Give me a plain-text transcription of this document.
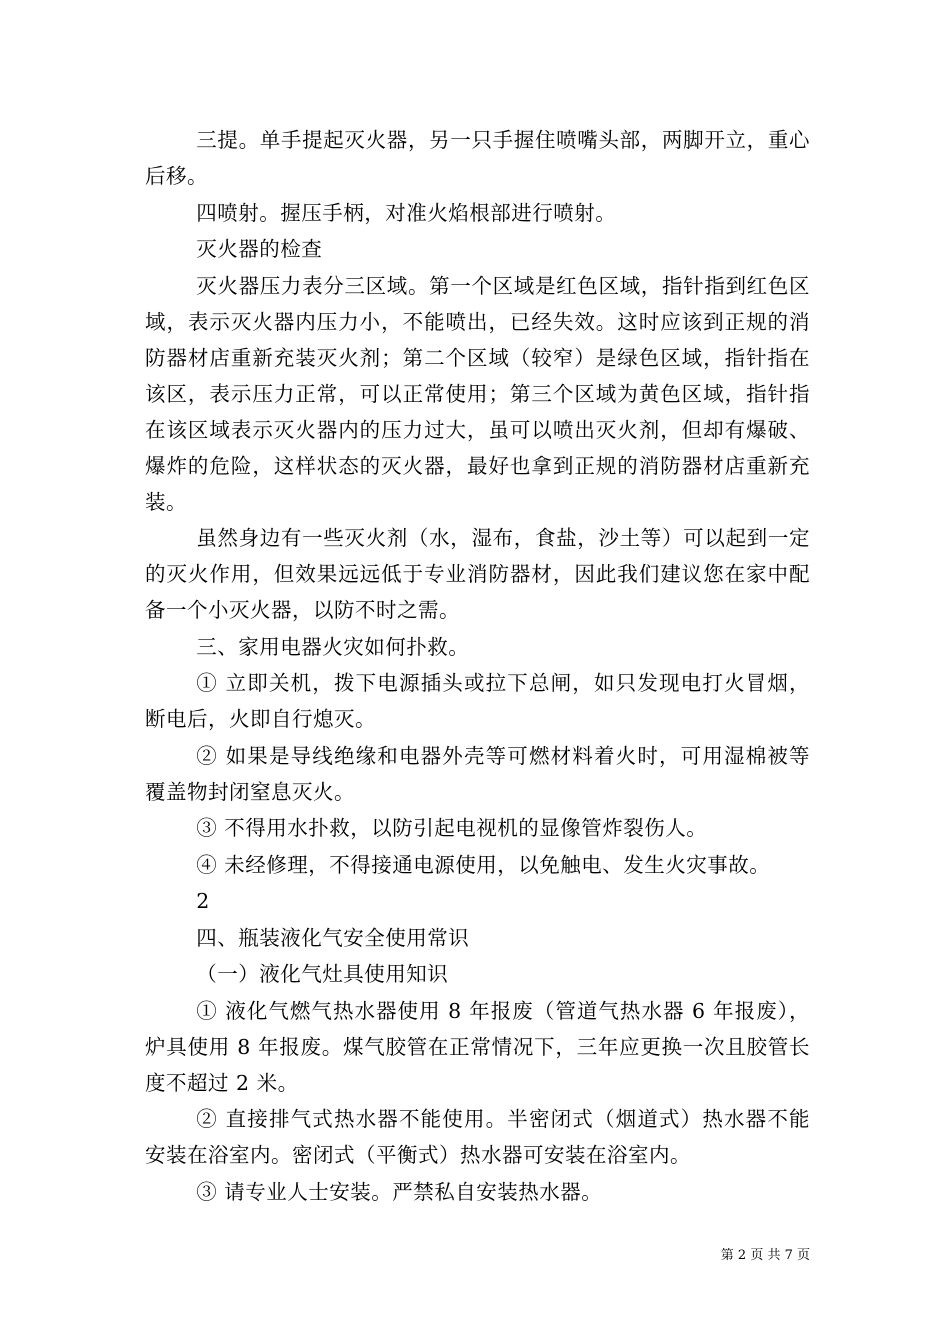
三提。单手提起灭火器，另一只手握住喷嘴头部，两脚开立，重心后移。

四喷射。握压手柄，对准火焰根部进行喷射。

灭火器的检查

灭火器压力表分三区域。第一个区域是红色区域，指针指到红色区域，表示灭火器内压力小，不能喷出，已经失效。这时应该到正规的消防器材店重新充装灭火剂；第二个区域（较窄）是绿色区域，指针指在该区，表示压力正常，可以正常使用；第三个区域为黄色区域，指针指在该区域表示灭火器内的压力过大，虽可以喷出灭火剂，但却有爆破、爆炸的危险，这样状态的灭火器，最好也拿到正规的消防器材店重新充装。

虽然身边有一些灭火剂（水，湿布，食盐，沙土等）可以起到一定的灭火作用，但效果远远低于专业消防器材，因此我们建议您在家中配备一个小灭火器，以防不时之需。

三、家用电器火灾如何扑救。

① 立即关机，拨下电源插头或拉下总闸，如只发现电打火冒烟，断电后，火即自行熄灭。

② 如果是导线绝缘和电器外壳等可燃材料着火时，可用湿棉被等覆盖物封闭窒息灭火。

③ 不得用水扑救，以防引起电视机的显像管炸裂伤人。

④ 未经修理，不得接通电源使用，以免触电、发生火灾事故。

2

四、瓶装液化气安全使用常识

（一）液化气灶具使用知识

① 液化气燃气热水器使用 8 年报废（管道气热水器 6 年报废），炉具使用 8 年报废。煤气胶管在正常情况下，三年应更换一次且胶管长度不超过 2 米。

② 直接排气式热水器不能使用。半密闭式（烟道式）热水器不能安装在浴室内。密闭式（平衡式）热水器可安装在浴室内。

③ 请专业人士安装。严禁私自安装热水器。

第 2 页 共 7 页
